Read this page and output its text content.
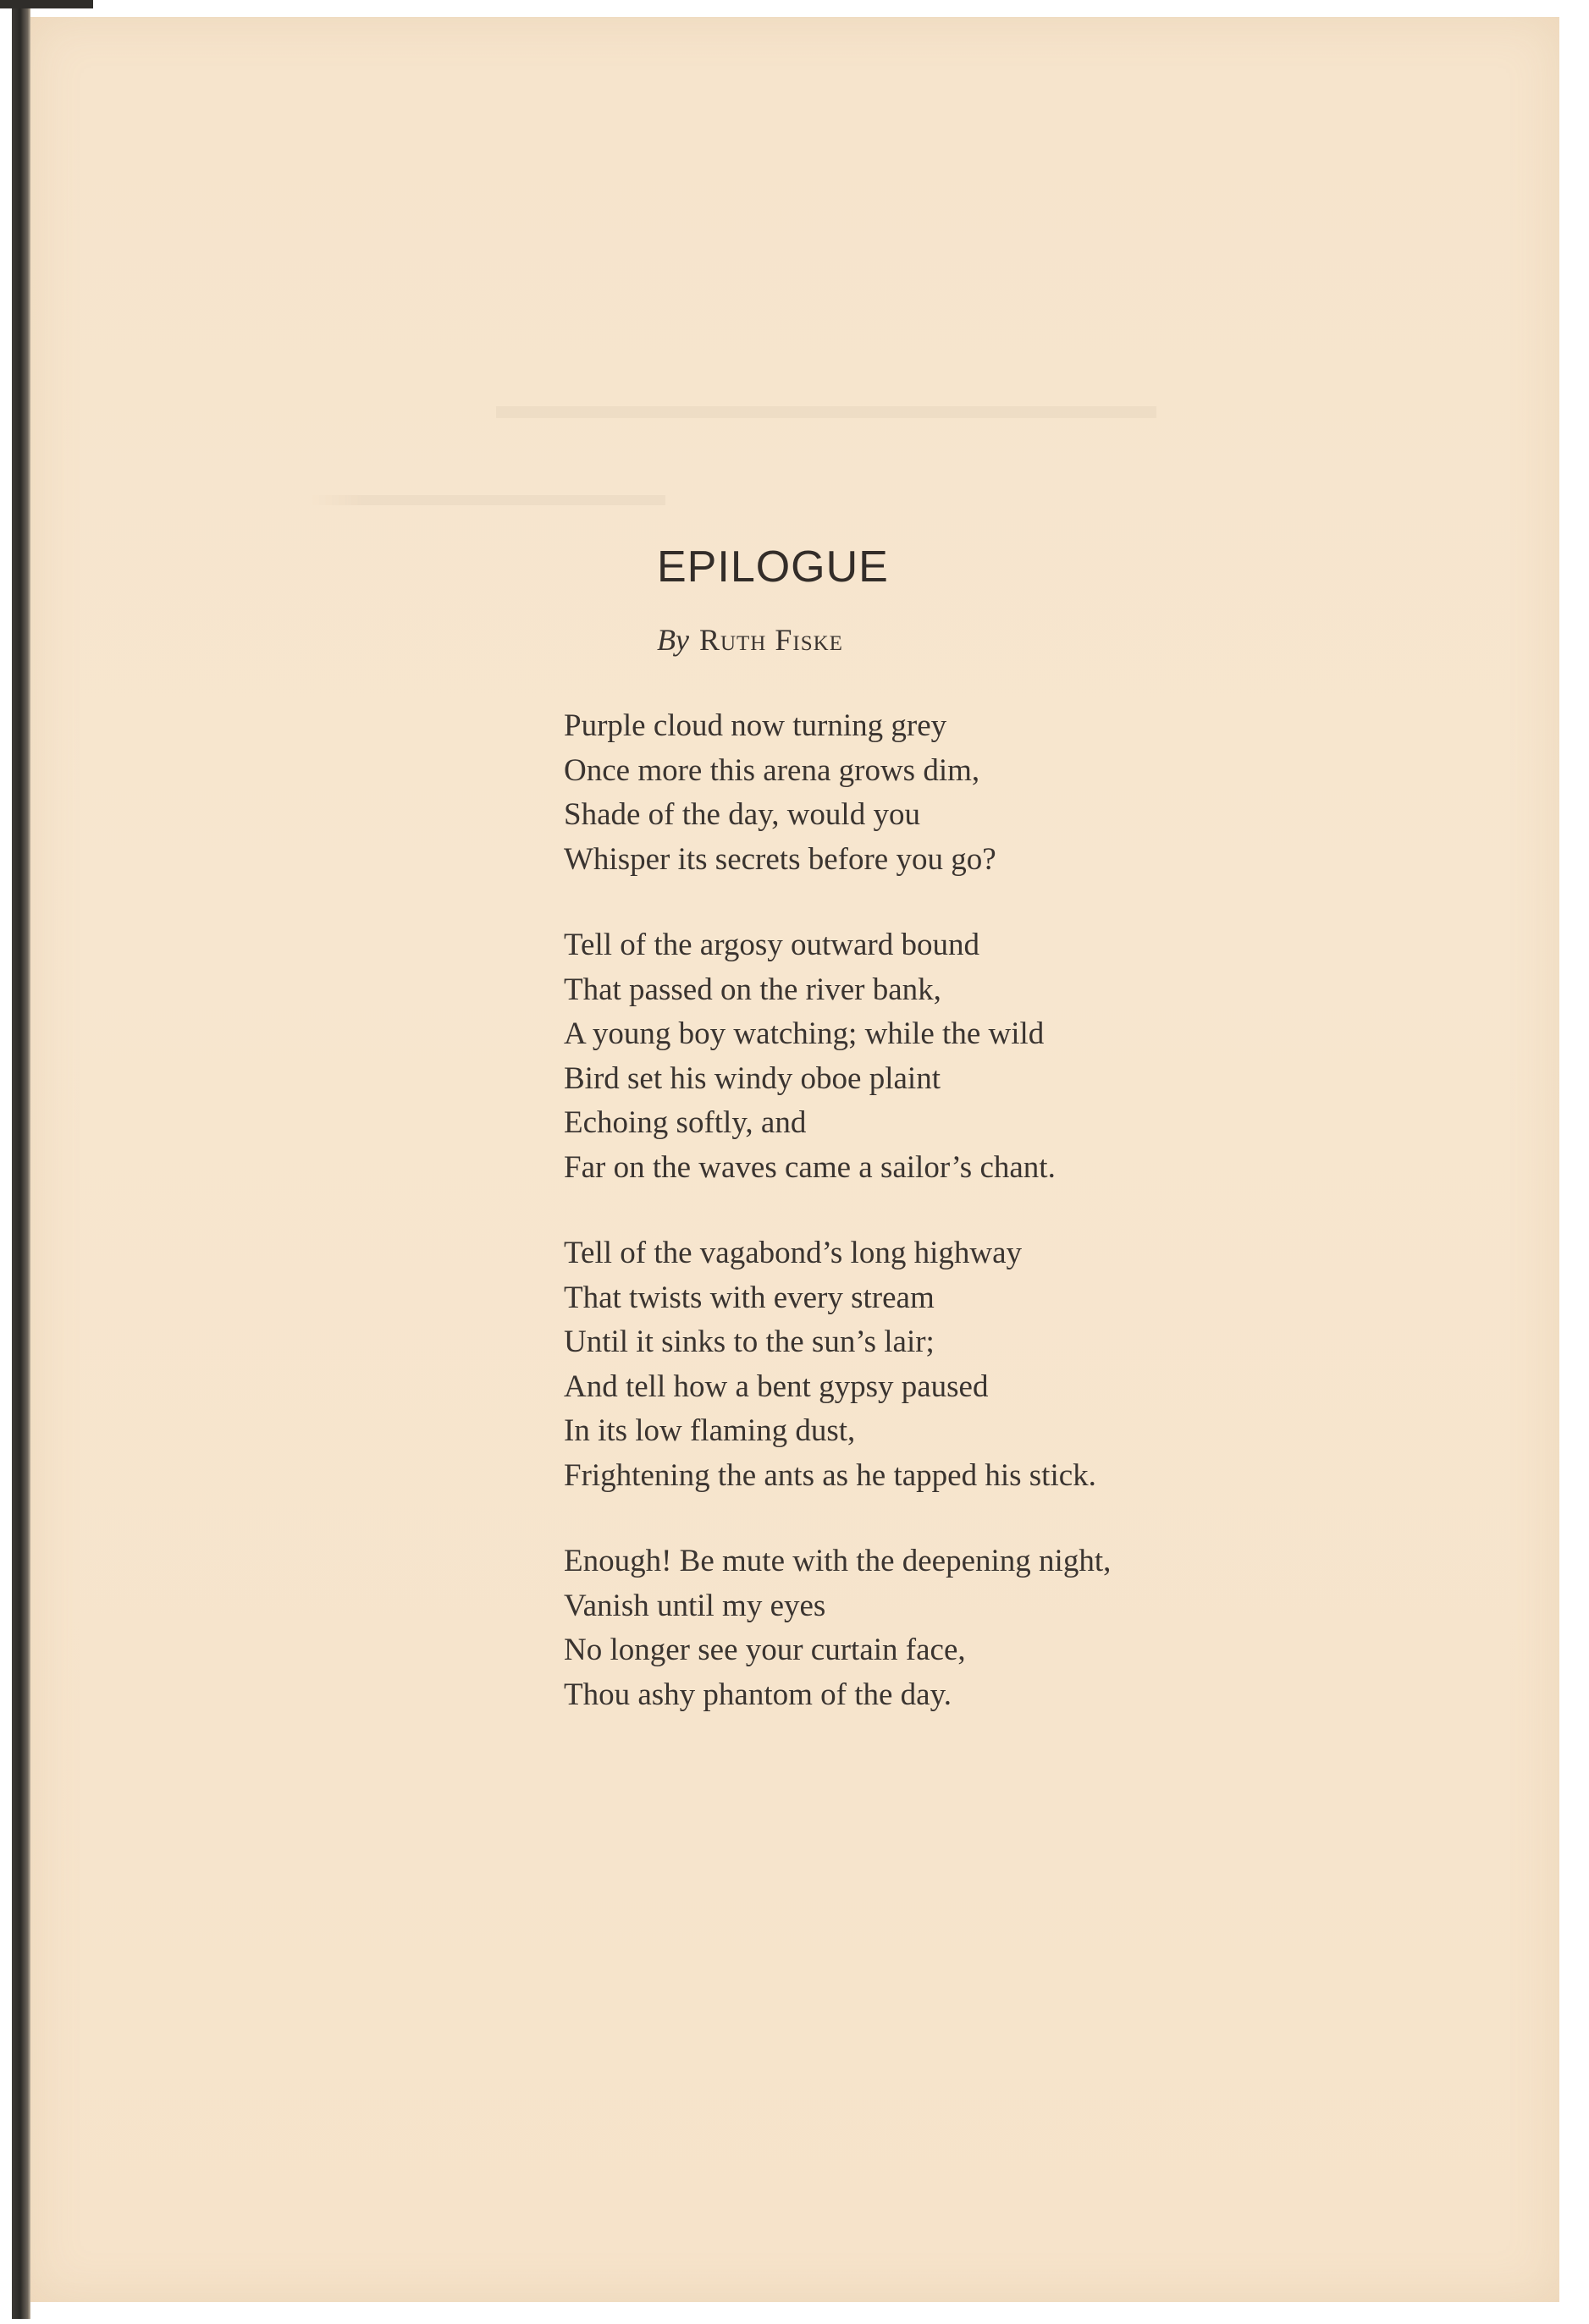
EPILOGUE

By Ruth Fiske

Purple cloud now turning grey
Once more this arena grows dim,
Shade of the day, would you
Whisper its secrets before you go?
Tell of the argosy outward bound
That passed on the river bank,
A young boy watching; while the wild
Bird set his windy oboe plaint
Echoing softly, and
Far on the waves came a sailor’s chant.
Tell of the vagabond’s long highway
That twists with every stream
Until it sinks to the sun’s lair;
And tell how a bent gypsy paused
In its low flaming dust,
Frightening the ants as he tapped his stick.
Enough! Be mute with the deepening night,
Vanish until my eyes
No longer see your curtain face,
Thou ashy phantom of the day.
